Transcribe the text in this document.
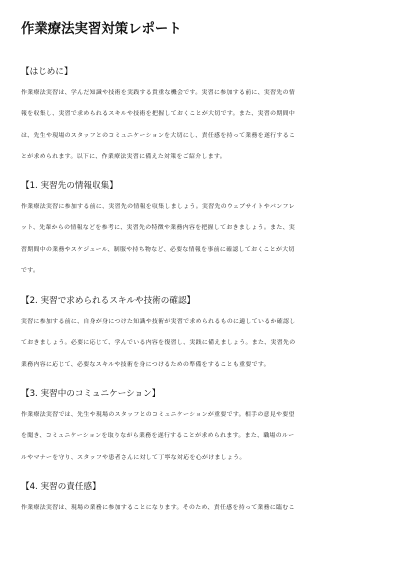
作業療法実習対策レポート

【はじめに】

作業療法実習は、学んだ知識や技術を実践する貴重な機会です。実習に参加する前に、実習先の情

報を収集し、実習で求められるスキルや技術を把握しておくことが大切です。また、実習の期間中

は、先生や現場のスタッフとのコミュニケーションを大切にし、責任感を持って業務を遂行するこ

とが求められます。以下に、作業療法実習に備えた対策をご紹介します。

【1. 実習先の情報収集】

作業療法実習に参加する前に、実習先の情報を収集しましょう。実習先のウェブサイトやパンフレ

ット、先輩からの情報などを参考に、実習先の特徴や業務内容を把握しておきましょう。また、実

習期間中の業務やスケジュール、制服や持ち物など、必要な情報を事前に確認しておくことが大切

です。

【2. 実習で求められるスキルや技術の確認】

実習に参加する前に、自身が身につけた知識や技術が実習で求められるものに適しているか確認し

ておきましょう。必要に応じて、学んでいる内容を復習し、実践に備えましょう。また、実習先の

業務内容に応じて、必要なスキルや技術を身につけるための準備をすることも重要です。

【3. 実習中のコミュニケーション】

作業療法実習では、先生や現場のスタッフとのコミュニケーションが重要です。相手の意見や要望

を聞き、コミュニケーションを取りながら業務を遂行することが求められます。また、職場のルー

ルやマナーを守り、スタッフや患者さんに対して丁寧な対応を心がけましょう。

【4. 実習の責任感】

作業療法実習は、現場の業務に参加することになります。そのため、責任感を持って業務に臨むこ
